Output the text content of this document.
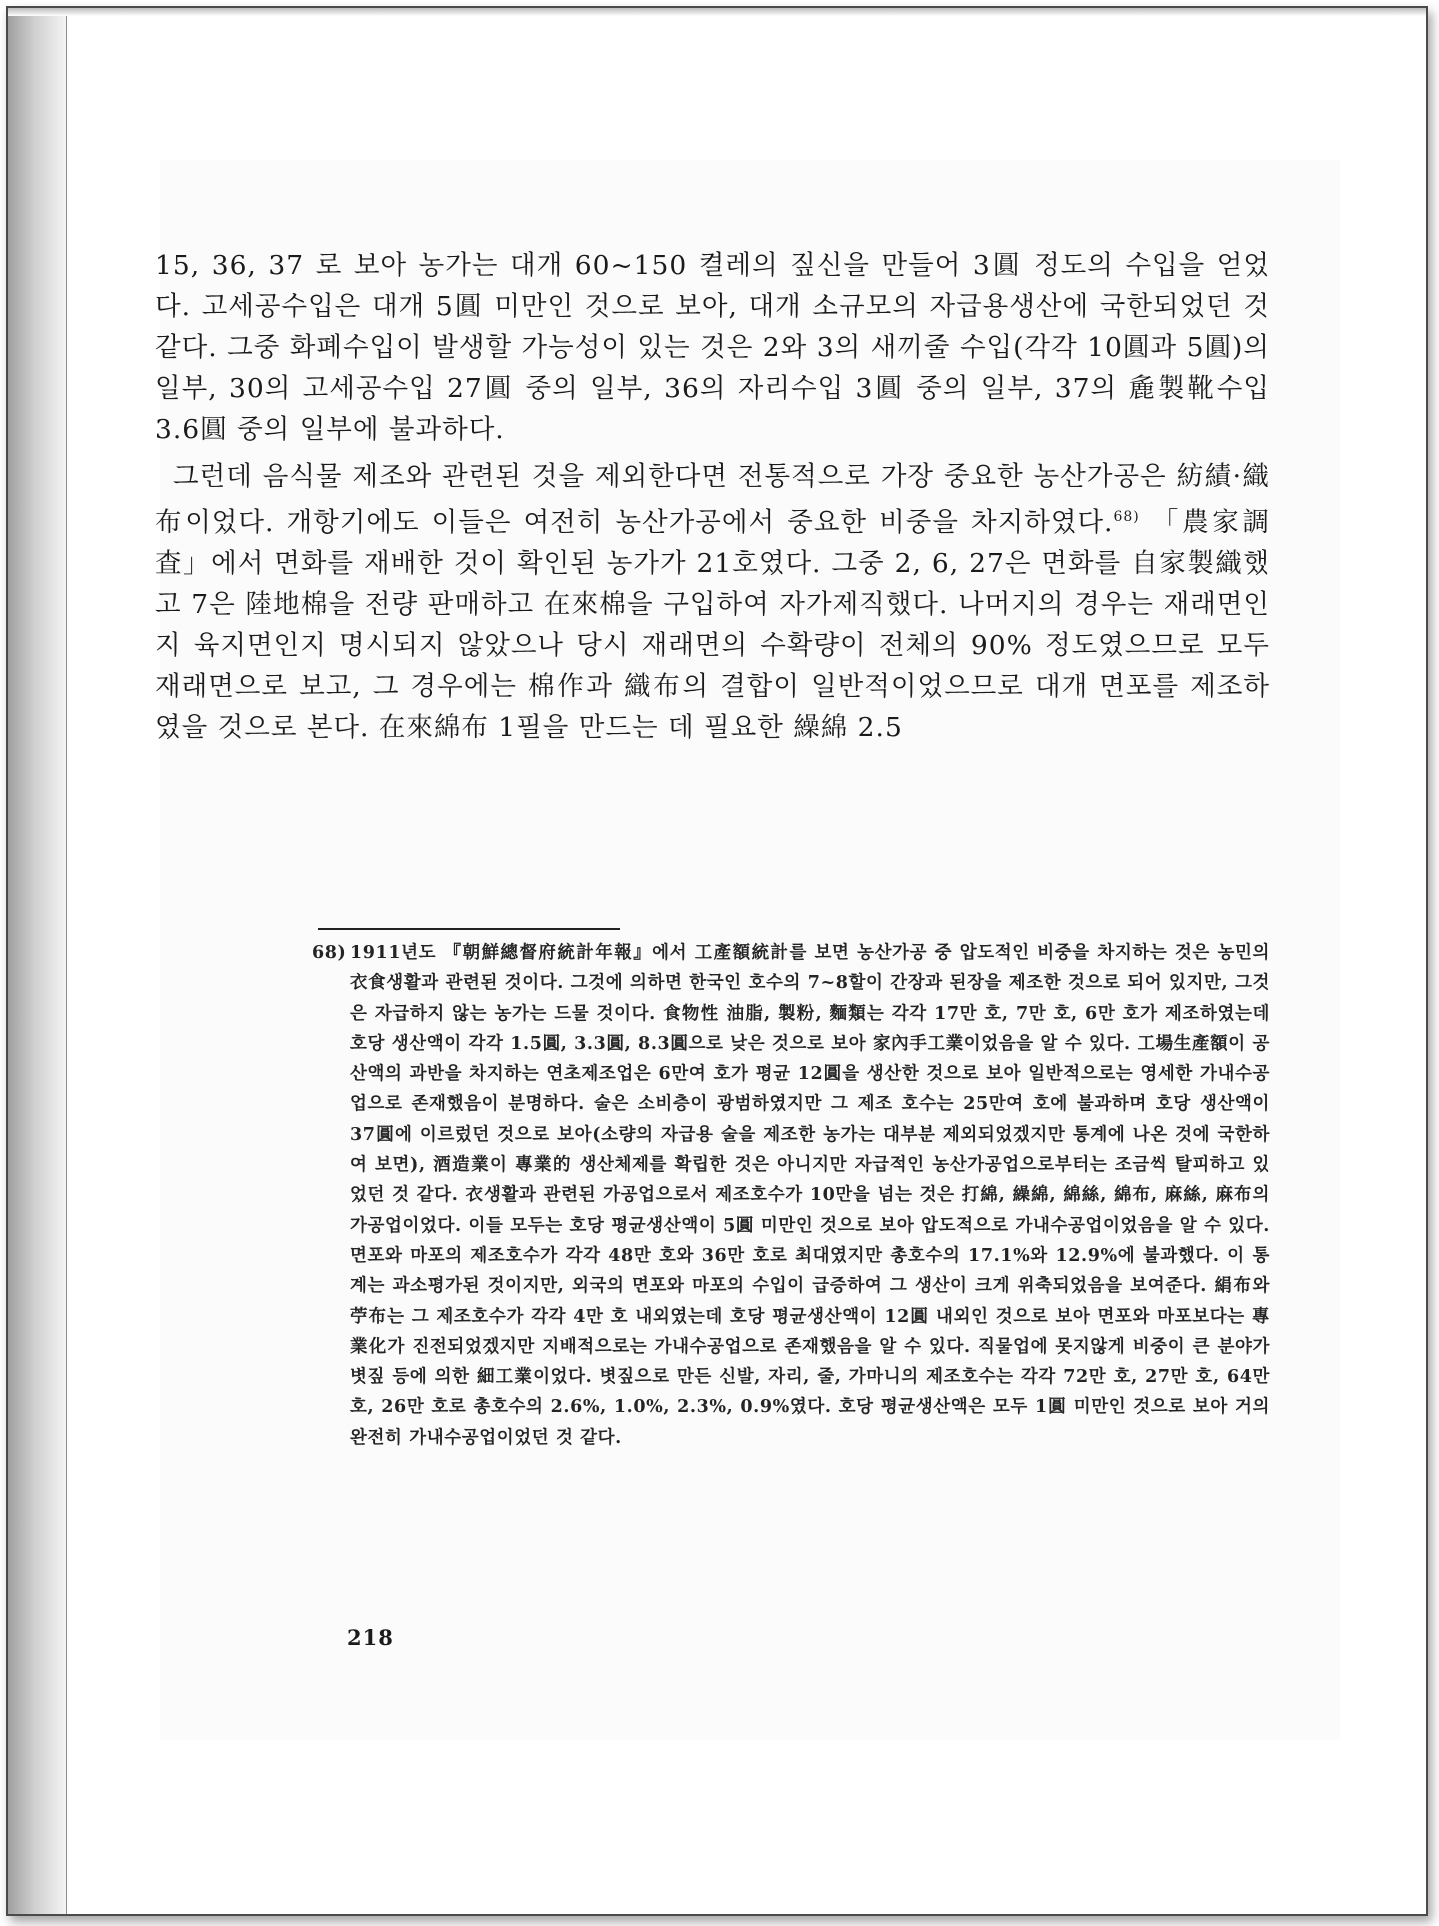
15, 36, 37 로 보아 농가는 대개 60~150 켤레의 짚신을 만들어 3圓 정도의 수입을 얻었다. 고세공수입은 대개 5圓 미만인 것으로 보아, 대개 소규모의 자급용생산에 국한되었던 것 같다. 그중 화폐수입이 발생할 가능성이 있는 것은 2와 3의 새끼줄 수입(각각 10圓과 5圓)의 일부, 30의 고세공수입 27圓 중의 일부, 36의 자리수입 3圓 중의 일부, 37의 麁製靴수입 3.6圓 중의 일부에 불과하다.

그런데 음식물 제조와 관련된 것을 제외한다면 전통적으로 가장 중요한 농산가공은 紡績·織布이었다. 개항기에도 이들은 여전히 농산가공에서 중요한 비중을 차지하였다.$^{68)}$ 「農家調査」에서 면화를 재배한 것이 확인된 농가가 21호였다. 그중 2, 6, 27은 면화를 自家製織했고 7은 陸地棉을 전량 판매하고 在來棉을 구입하여 자가제직했다. 나머지의 경우는 재래면인지 육지면인지 명시되지 않았으나 당시 재래면의 수확량이 전체의 90% 정도였으므로 모두 재래면으로 보고, 그 경우에는 棉作과 織布의 결합이 일반적이었으므로 대개 면포를 제조하였을 것으로 본다. 在來綿布 1필을 만드는 데 필요한 繰綿 2.5

68) 1911년도 『朝鮮總督府統計年報』에서 工產額統計를 보면 농산가공 중 압도적인 비중을 차지하는 것은 농민의 衣食생활과 관련된 것이다. 그것에 의하면 한국인 호수의 7~8할이 간장과 된장을 제조한 것으로 되어 있지만, 그것은 자급하지 않는 농가는 드물 것이다. 食物性 油脂, 製粉, 麵類는 각각 17만 호, 7만 호, 6만 호가 제조하였는데 호당 생산액이 각각 1.5圓, 3.3圓, 8.3圓으로 낮은 것으로 보아 家內手工業이었음을 알 수 있다. 工場生產額이 공산액의 과반을 차지하는 연초제조업은 6만여 호가 평균 12圓을 생산한 것으로 보아 일반적으로는 영세한 가내수공업으로 존재했음이 분명하다. 술은 소비층이 광범하였지만 그 제조 호수는 25만여 호에 불과하며 호당 생산액이 37圓에 이르렀던 것으로 보아(소량의 자급용 술을 제조한 농가는 대부분 제외되었겠지만 통계에 나온 것에 국한하여 보면), 酒造業이 專業的 생산체제를 확립한 것은 아니지만 자급적인 농산가공업으로부터는 조금씩 탈피하고 있었던 것 같다. 衣생활과 관련된 가공업으로서 제조호수가 10만을 넘는 것은 打綿, 繰綿, 綿絲, 綿布, 麻絲, 麻布의 가공업이었다. 이들 모두는 호당 평균생산액이 5圓 미만인 것으로 보아 압도적으로 가내수공업이었음을 알 수 있다. 면포와 마포의 제조호수가 각각 48만 호와 36만 호로 최대였지만 총호수의 17.1%와 12.9%에 불과했다. 이 통계는 과소평가된 것이지만, 외국의 면포와 마포의 수입이 급증하여 그 생산이 크게 위축되었음을 보여준다. 絹布와 苧布는 그 제조호수가 각각 4만 호 내외였는데 호당 평균생산액이 12圓 내외인 것으로 보아 면포와 마포보다는 專業化가 진전되었겠지만 지배적으로는 가내수공업으로 존재했음을 알 수 있다. 직물업에 못지않게 비중이 큰 분야가 볏짚 등에 의한 細工業이었다. 볏짚으로 만든 신발, 자리, 줄, 가마니의 제조호수는 각각 72만 호, 27만 호, 64만 호, 26만 호로 총호수의 2.6%, 1.0%, 2.3%, 0.9%였다. 호당 평균생산액은 모두 1圓 미만인 것으로 보아 거의 완전히 가내수공업이었던 것 같다.
218
